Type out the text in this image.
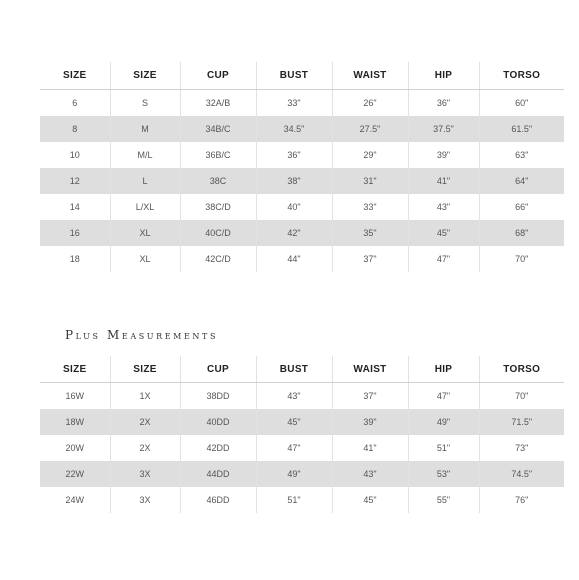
SIZE	SIZE	CUP	BUST	WAIST	HIP	TORSO
6	S	32A/B	33"	26"	36"	60"
8	M	34B/C	34.5"	27.5"	37.5"	61.5"
10	M/L	36B/C	36"	29"	39"	63"
12	L	38C	38"	31"	41"	64"
14	L/XL	38C/D	40"	33"	43"	66"
16	XL	40C/D	42"	35"	45"	68"
18	XL	42C/D	44"	37"	47"	70"
Plus Measurements
SIZE	SIZE	CUP	BUST	WAIST	HIP	TORSO
16W	1X	38DD	43"	37"	47"	70"
18W	2X	40DD	45"	39"	49"	71.5"
20W	2X	42DD	47"	41"	51"	73"
22W	3X	44DD	49"	43"	53"	74.5"
24W	3X	46DD	51"	45"	55"	76"
